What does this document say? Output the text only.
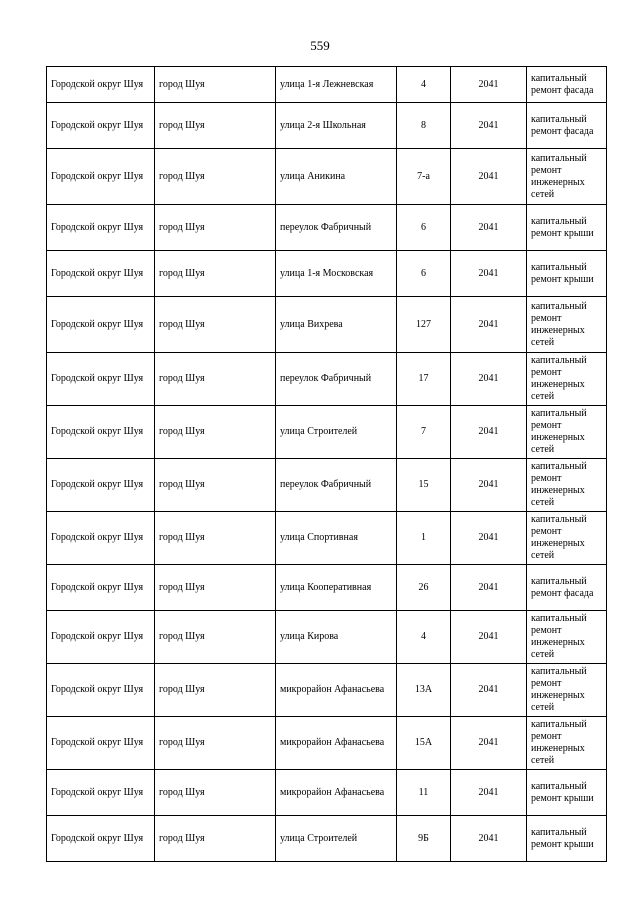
559
Городской округ Шуя	город Шуя	улица 1-я Лежневская	4	2041	капитальный ремонт фасада
Городской округ Шуя	город Шуя	улица 2-я Школьная	8	2041	капитальный ремонт фасада
Городской округ Шуя	город Шуя	улица Аникина	7-а	2041	капитальный ремонт инженерных сетей
Городской округ Шуя	город Шуя	переулок Фабричный	6	2041	капитальный ремонт крыши
Городской округ Шуя	город Шуя	улица 1-я Московская	6	2041	капитальный ремонт крыши
Городской округ Шуя	город Шуя	улица Вихрева	127	2041	капитальный ремонт инженерных сетей
Городской округ Шуя	город Шуя	переулок Фабричный	17	2041	капитальный ремонт инженерных сетей
Городской округ Шуя	город Шуя	улица Строителей	7	2041	капитальный ремонт инженерных сетей
Городской округ Шуя	город Шуя	переулок Фабричный	15	2041	капитальный ремонт инженерных сетей
Городской округ Шуя	город Шуя	улица Спортивная	1	2041	капитальный ремонт инженерных сетей
Городской округ Шуя	город Шуя	улица Кооперативная	26	2041	капитальный ремонт фасада
Городской округ Шуя	город Шуя	улица Кирова	4	2041	капитальный ремонт инженерных сетей
Городской округ Шуя	город Шуя	микрорайон Афанасьева	13А	2041	капитальный ремонт инженерных сетей
Городской округ Шуя	город Шуя	микрорайон Афанасьева	15А	2041	капитальный ремонт инженерных сетей
Городской округ Шуя	город Шуя	микрорайон Афанасьева	11	2041	капитальный ремонт крыши
Городской округ Шуя	город Шуя	улица Строителей	9Б	2041	капитальный ремонт крыши
